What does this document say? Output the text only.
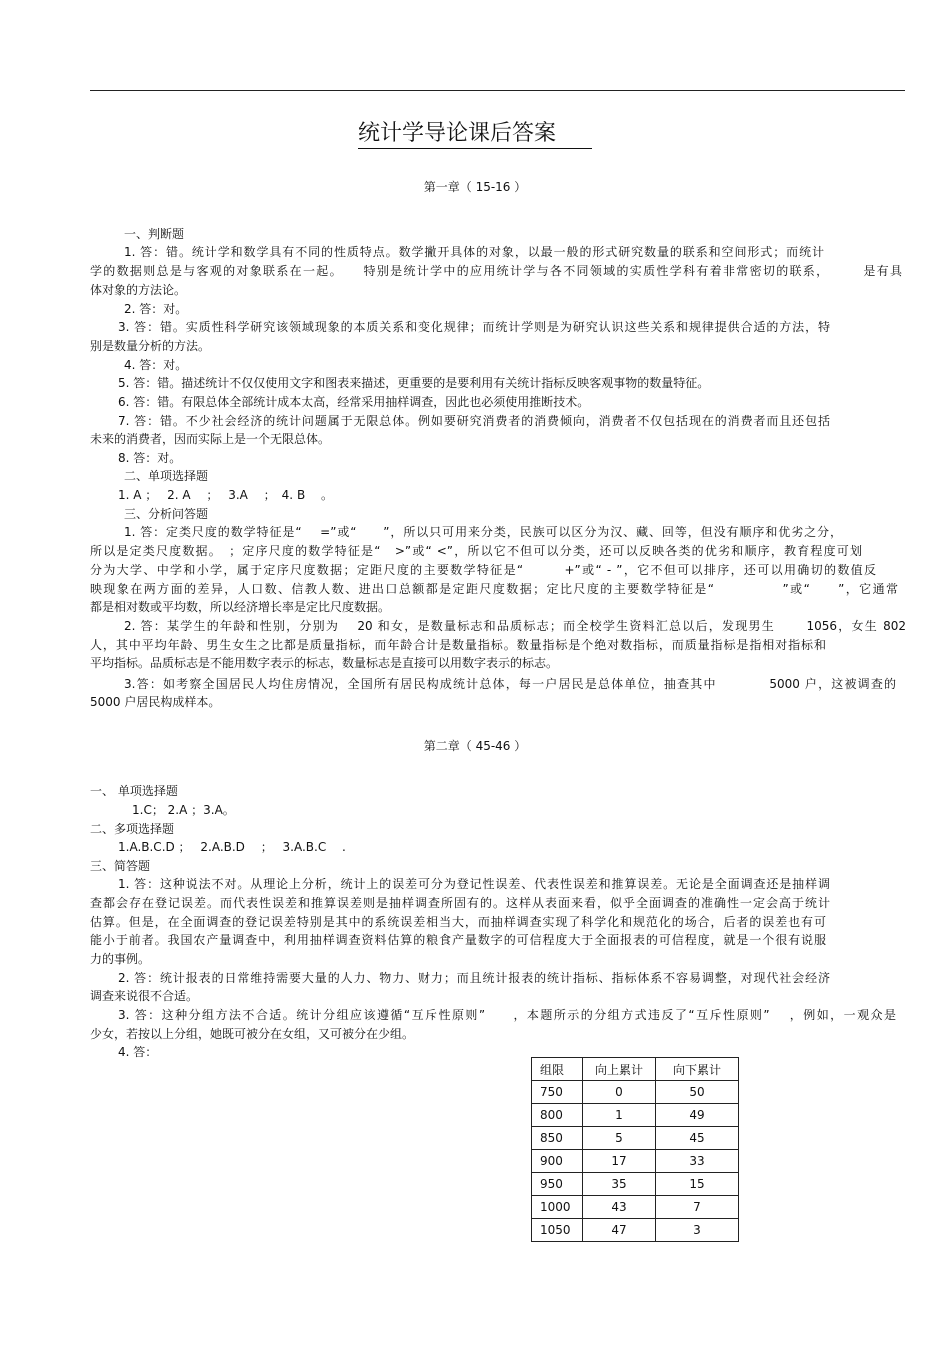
统计学导论课后答案
第一章（ 15-16 ）
一、判断题
1. 答：错。统计学和数学具有不同的性质特点。数学撇开具体的对象，以最一般的形式研究数量的联系和空间形式；而统计
学的数据则总是与客观的对象联系在一起。　　特别是统计学中的应用统计学与各不同领域的实质性学科有着非常密切的联系，　　　是有具
体对象的方法论。
2. 答：对。
3. 答：错。实质性科学研究该领域现象的本质关系和变化规律；而统计学则是为研究认识这些关系和规律提供合适的方法，特
别是数量分析的方法。
4. 答：对。
5. 答：错。描述统计不仅仅使用文字和图表来描述，更重要的是要利用有关统计指标反映客观事物的数量特征。
6. 答：错。有限总体全部统计成本太高，经常采用抽样调查，因此也必须使用推断技术。
7. 答：错。不少社会经济的统计问题属于无限总体。例如要研究消费者的消费倾向，消费者不仅包括现在的消费者而且还包括
未来的消费者，因而实际上是一个无限总体。
8. 答：对。
二、单项选择题
1. A ；　 2. A　 ；　 3.A　 ；　4. B　 。
三、分析问答题
1. 答：定类尺度的数学特征是“　 =”或“　　”，所以只可用来分类，民族可以区分为汉、藏、回等，但没有顺序和优劣之分，
所以是定类尺度数据。　；定序尺度的数学特征是“　>”或“ <”，所以它不但可以分类，还可以反映各类的优劣和顺序，教育程度可划
分为大学、中学和小学，属于定序尺度数据；定距尺度的主要数学特征是“　　　+”或“ - ”，它不但可以排序，还可以用确切的数值反
映现象在两方面的差异，人口数、信教人数、进出口总额都是定距尺度数据；定比尺度的主要数学特征是“　　　　　”或“　　”，它通常
都是相对数或平均数，所以经济增长率是定比尺度数据。
2. 答：某学生的年龄和性别，分别为　 20 和女，是数量标志和品质标志；而全校学生资料汇总以后，发现男生　　 1056，女生 802
人，其中平均年龄、男生女生之比都是质量指标，而年龄合计是数量指标。数量指标是个绝对数指标，而质量指标是指相对指标和
平均指标。品质标志是不能用数字表示的标志，数量标志是直接可以用数字表示的标志。
3.答：如考察全国居民人均住房情况，全国所有居民构成统计总体，每一户居民是总体单位，抽查其中　　　　5000 户，这被调查的
5000 户居民构成样本。
第二章（ 45-46 ）
一、 单项选择题
1.C； 2.A ；3.A。
二、多项选择题
1.A.B.C.D ；　 2.A.B.D　 ；　 3.A.B.C　 .
三、简答题
1. 答：这种说法不对。从理论上分析，统计上的误差可分为登记性误差、代表性误差和推算误差。无论是全面调查还是抽样调
查都会存在登记误差。而代表性误差和推算误差则是抽样调查所固有的。这样从表面来看，似乎全面调查的准确性一定会高于统计
估算。但是，在全面调查的登记误差特别是其中的系统误差相当大，而抽样调查实现了科学化和规范化的场合，后者的误差也有可
能小于前者。我国农产量调查中，利用抽样调查资料估算的粮食产量数字的可信程度大于全面报表的可信程度，就是一个很有说服
力的事例。
2. 答：统计报表的日常维持需要大量的人力、物力、财力；而且统计报表的统计指标、指标体系不容易调整，对现代社会经济
调查来说很不合适。
3. 答：这种分组方法不合适。统计分组应该遵循“互斥性原则”　　，本题所示的分组方式违反了“互斥性原则”　 ，例如，一观众是
少女，若按以上分组，她既可被分在女组，又可被分在少组。
4. 答：
组限	向上累计	向下累计
750	0	50
800	1	49
850	5	45
900	17	33
950	35	15
1000	43	7
1050	47	3
